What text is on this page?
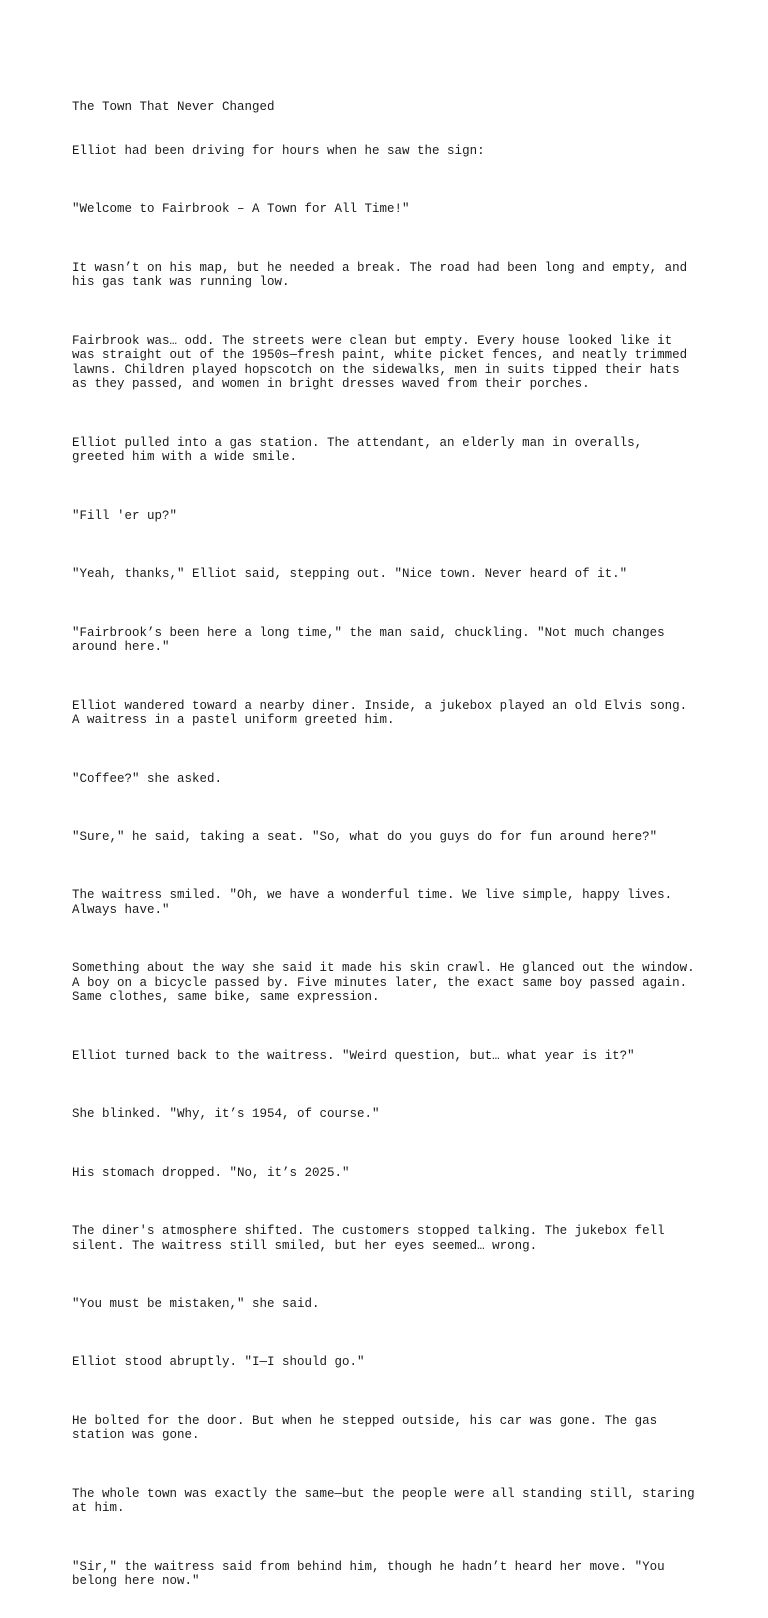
The Town That Never Changed

Elliot had been driving for hours when he saw the sign:

"Welcome to Fairbrook – A Town for All Time!"

It wasn’t on his map, but he needed a break. The road had been long and empty, and
his gas tank was running low.

Fairbrook was… odd. The streets were clean but empty. Every house looked like it
was straight out of the 1950s—fresh paint, white picket fences, and neatly trimmed
lawns. Children played hopscotch on the sidewalks, men in suits tipped their hats
as they passed, and women in bright dresses waved from their porches.

Elliot pulled into a gas station. The attendant, an elderly man in overalls,
greeted him with a wide smile.

"Fill 'er up?"

"Yeah, thanks," Elliot said, stepping out. "Nice town. Never heard of it."

"Fairbrook’s been here a long time," the man said, chuckling. "Not much changes
around here."

Elliot wandered toward a nearby diner. Inside, a jukebox played an old Elvis song.
A waitress in a pastel uniform greeted him.

"Coffee?" she asked.

"Sure," he said, taking a seat. "So, what do you guys do for fun around here?"

The waitress smiled. "Oh, we have a wonderful time. We live simple, happy lives.
Always have."

Something about the way she said it made his skin crawl. He glanced out the window.
A boy on a bicycle passed by. Five minutes later, the exact same boy passed again.
Same clothes, same bike, same expression.

Elliot turned back to the waitress. "Weird question, but… what year is it?"

She blinked. "Why, it’s 1954, of course."

His stomach dropped. "No, it’s 2025."

The diner's atmosphere shifted. The customers stopped talking. The jukebox fell
silent. The waitress still smiled, but her eyes seemed… wrong.

"You must be mistaken," she said.

Elliot stood abruptly. "I—I should go."

He bolted for the door. But when he stepped outside, his car was gone. The gas
station was gone.

The whole town was exactly the same—but the people were all standing still, staring
at him.

"Sir," the waitress said from behind him, though he hadn’t heard her move. "You
belong here now."
